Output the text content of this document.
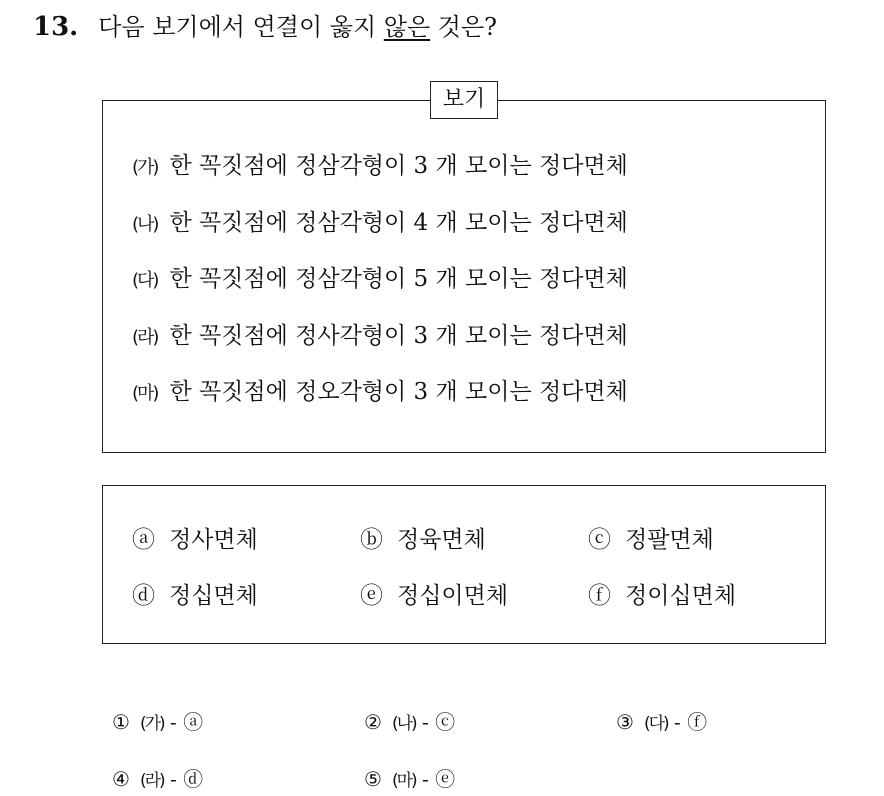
13. 다음 보기에서 연결이 옳지 않은 것은?
보기
(가) 한 꼭짓점에 정삼각형이 3 개 모이는 정다면체
(나) 한 꼭짓점에 정삼각형이 4 개 모이는 정다면체
(다) 한 꼭짓점에 정삼각형이 5 개 모이는 정다면체
(라) 한 꼭짓점에 정사각형이 3 개 모이는 정다면체
(마) 한 꼭짓점에 정오각형이 3 개 모이는 정다면체
ⓐ 정사면체	ⓑ 정육면체	ⓒ 정팔면체
ⓓ 정십면체	ⓔ 정십이면체	ⓕ 정이십면체
① (가) - ⓐ	② (나) - ⓒ	③ (다) - ⓕ
④ (라) - ⓓ	⑤ (마) - ⓔ
